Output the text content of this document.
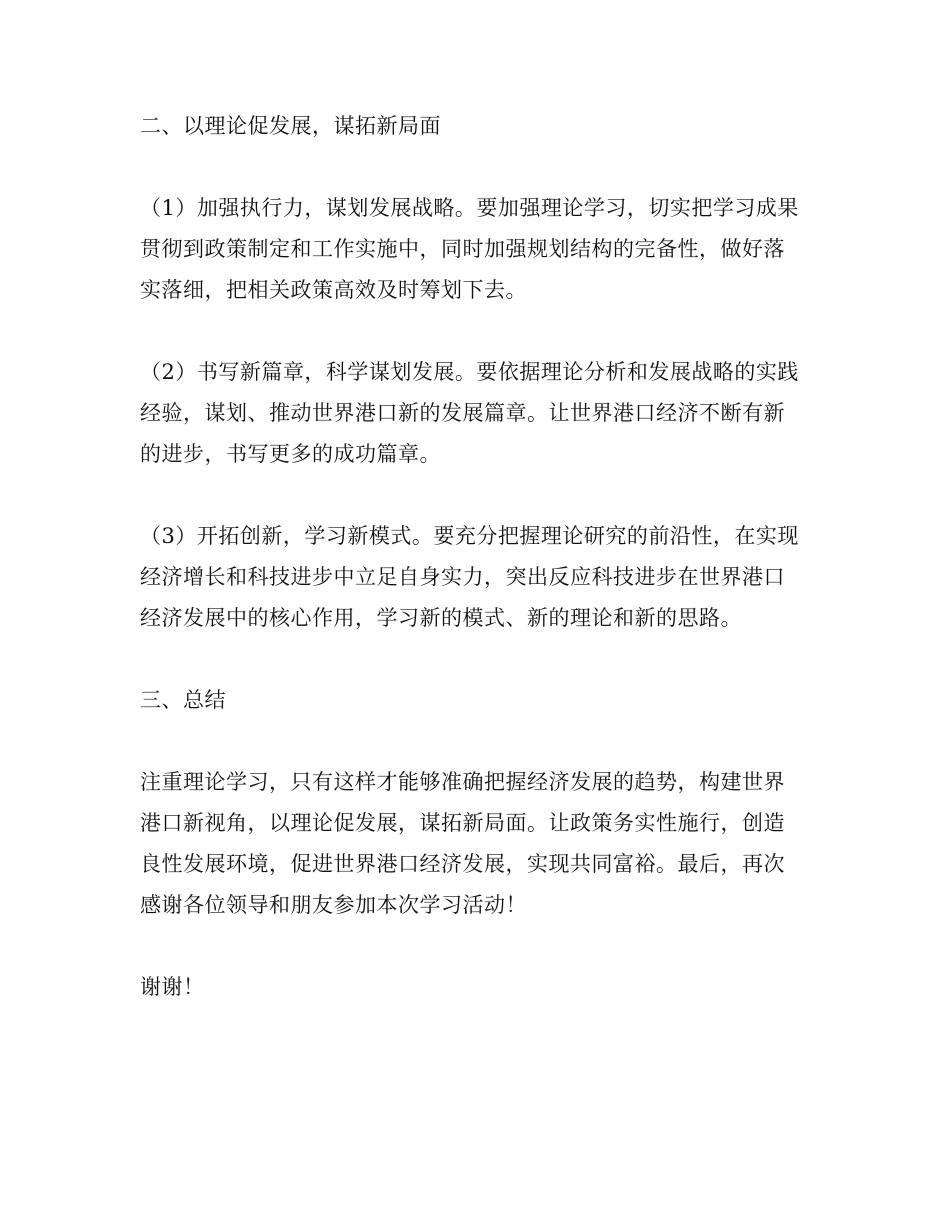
二、以理论促发展，谋拓新局面

（1）加强执行力，谋划发展战略。要加强理论学习，切实把学习成果
贯彻到政策制定和工作实施中，同时加强规划结构的完备性，做好落
实落细，把相关政策高效及时筹划下去。

（2）书写新篇章，科学谋划发展。要依据理论分析和发展战略的实践
经验，谋划、推动世界港口新的发展篇章。让世界港口经济不断有新
的进步，书写更多的成功篇章。

（3）开拓创新，学习新模式。要充分把握理论研究的前沿性，在实现
经济增长和科技进步中立足自身实力，突出反应科技进步在世界港口
经济发展中的核心作用，学习新的模式、新的理论和新的思路。

三、总结

注重理论学习，只有这样才能够准确把握经济发展的趋势，构建世界
港口新视角，以理论促发展，谋拓新局面。让政策务实性施行，创造
良性发展环境，促进世界港口经济发展，实现共同富裕。最后，再次
感谢各位领导和朋友参加本次学习活动！

谢谢！
